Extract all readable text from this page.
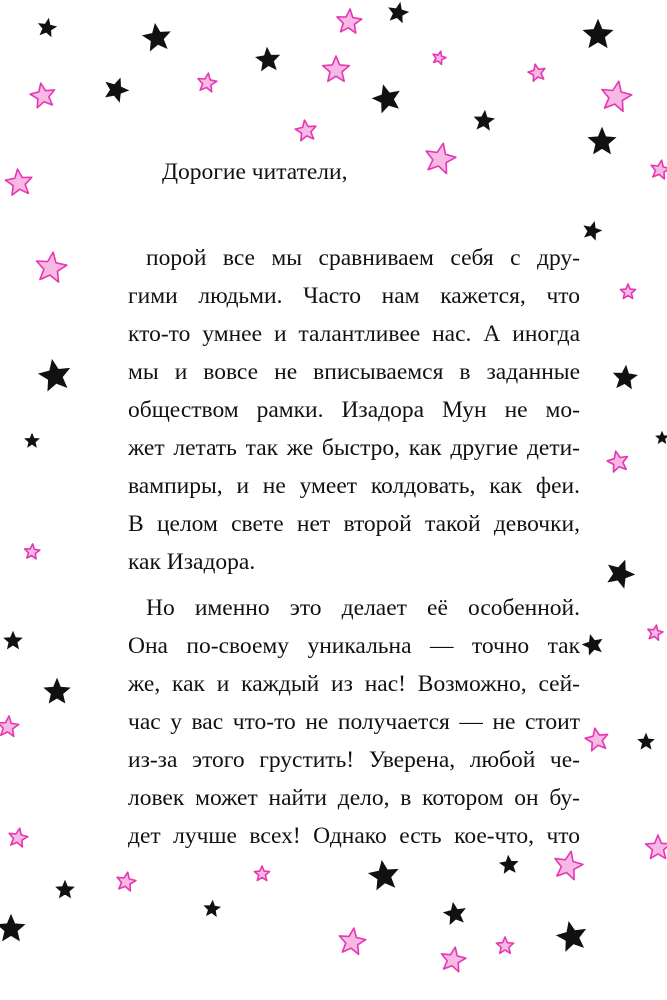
Дорогие читатели,

порой все мы сравниваем себя с дру-
гими людьми. Часто нам кажется, что
кто-то умнее и талантливее нас. А иногда
мы и вовсе не вписываемся в заданные
обществом рамки. Изадора Мун не мо-
жет летать так же быстро, как другие дети-
вампиры, и не умеет колдовать, как феи.
В целом свете нет второй такой девочки,
как Изадора.
Но именно это делает её особенной.
Она по-своему уникальна — точно так
же, как и каждый из нас! Возможно, сей-
час у вас что-то не получается — не стоит
из-за этого грустить! Уверена, любой че-
ловек может найти дело, в котором он бу-
дет лучше всех! Однако есть кое-что, что
